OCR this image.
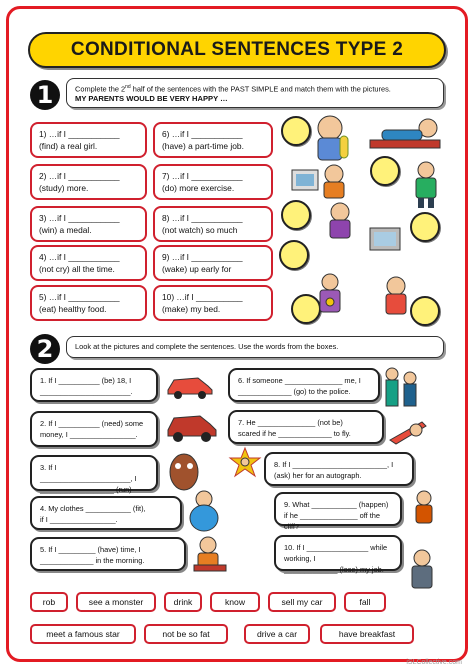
CONDITIONAL SENTENCES TYPE 2
1	Complete the 2nd half of the sentences with the PAST SIMPLE and match them with the pictures.
MY PARENTS WOULD BE VERY HAPPY …
1) …if I ___________
(find) a real girl.
2) …if I ___________
(study) more.
3) …if I ___________
(win) a medal.
4) …if I ___________
(not cry) all the time.
5) …if I ___________
(eat) healthy food.
6) …if I ___________
(have) a part-time job.
7) …if I ___________
(do) more exercise.
8) …if I ___________
(not watch) so much
9) …if I ___________
(wake) up early for
10) …if I __________
(make) my bed.
2	Look at the pictures and complete the sentences. Use the words from the boxes.
1. If I __________ (be) 18, I
______________________.
2. If I __________ (need) some
money, I ________________.
3. If I ______________________, I
__________________ (run)
4. My clothes ___________ (fit),
if I ________________.
5. If I _________ (have) time, I
_____________ in the morning.
6. If someone ______________ me, I
_____________ (go) to the police.
7. He ______________ (not be)
scared if he _____________ to fly.
8. If I _______________________, I
(ask) her for an autograph.
9. What ___________ (happen)
if he ______________ off the cliff?
10. If I _______________ while working, I
_____________ (lose) my job.
rob	see a monster	drink	know	sell my car	fall
meet a famous star	not be so fat	drive a car	have breakfast
iSLCollective.com
